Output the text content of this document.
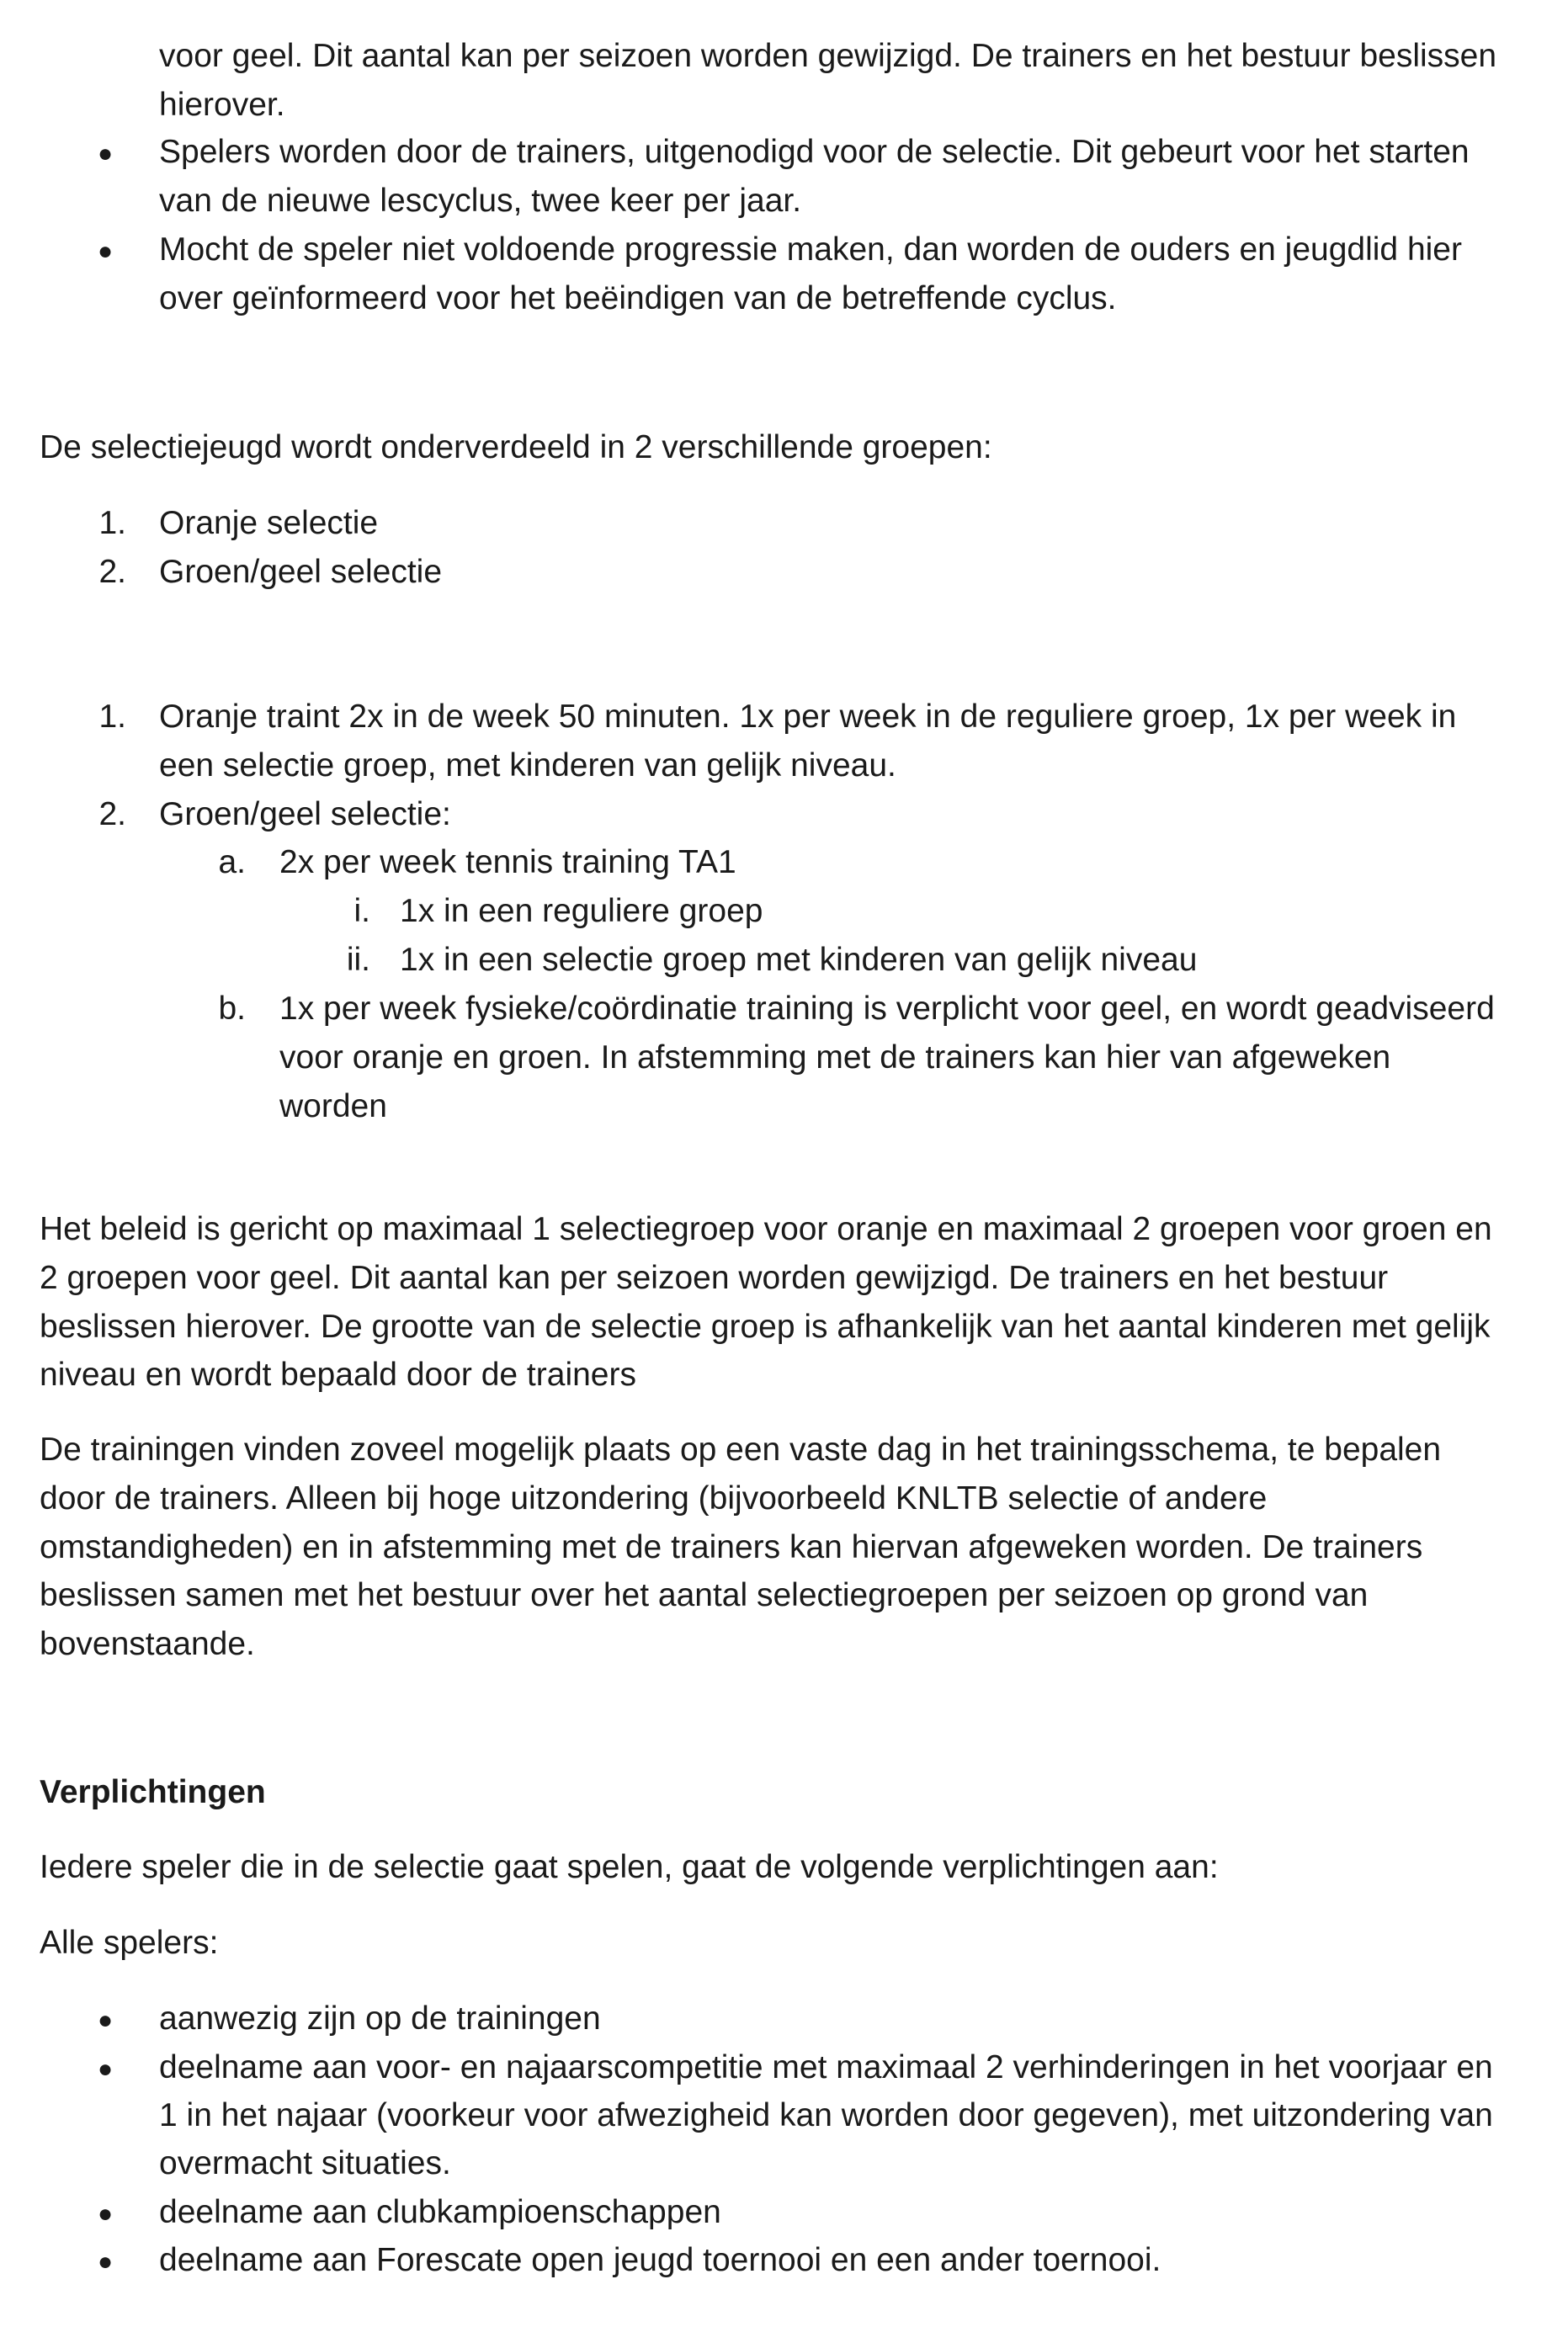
voor geel. Dit aantal kan per seizoen worden gewijzigd. De trainers en het bestuur beslissen
hierover.
● Spelers worden door de trainers, uitgenodigd voor de selectie. Dit gebeurt voor het starten
van de nieuwe lescyclus, twee keer per jaar.
● Mocht de speler niet voldoende progressie maken, dan worden de ouders en jeugdlid hier
over geïnformeerd voor het beëindigen van de betreffende cyclus.
De selectiejeugd wordt onderverdeeld in 2 verschillende groepen:
1. Oranje selectie
2. Groen/geel selectie
1. Oranje traint 2x in de week 50 minuten. 1x per week in de reguliere groep, 1x per week in
een selectie groep, met kinderen van gelijk niveau.
2. Groen/geel selectie:
a. 2x per week tennis training TA1
i. 1x in een reguliere groep
ii. 1x in een selectie groep met kinderen van gelijk niveau
b. 1x per week fysieke/coördinatie training is verplicht voor geel, en wordt geadviseerd
voor oranje en groen. In afstemming met de trainers kan hier van afgeweken
worden
Het beleid is gericht op maximaal 1 selectiegroep voor oranje en maximaal 2 groepen voor groen en
2 groepen voor geel. Dit aantal kan per seizoen worden gewijzigd. De trainers en het bestuur
beslissen hierover. De grootte van de selectie groep is afhankelijk van het aantal kinderen met gelijk
niveau en wordt bepaald door de trainers
De trainingen vinden zoveel mogelijk plaats op een vaste dag in het trainingsschema, te bepalen
door de trainers. Alleen bij hoge uitzondering (bijvoorbeeld KNLTB selectie of andere
omstandigheden) en in afstemming met de trainers kan hiervan afgeweken worden. De trainers
beslissen samen met het bestuur over het aantal selectiegroepen per seizoen op grond van
bovenstaande.
Verplichtingen
Iedere speler die in de selectie gaat spelen, gaat de volgende verplichtingen aan:
Alle spelers:
● aanwezig zijn op de trainingen
● deelname aan voor- en najaarscompetitie met maximaal 2 verhinderingen in het voorjaar en
1 in het najaar (voorkeur voor afwezigheid kan worden door gegeven), met uitzondering van
overmacht situaties.
● deelname aan clubkampioenschappen
● deelname aan Forescate open jeugd toernooi en een ander toernooi.
